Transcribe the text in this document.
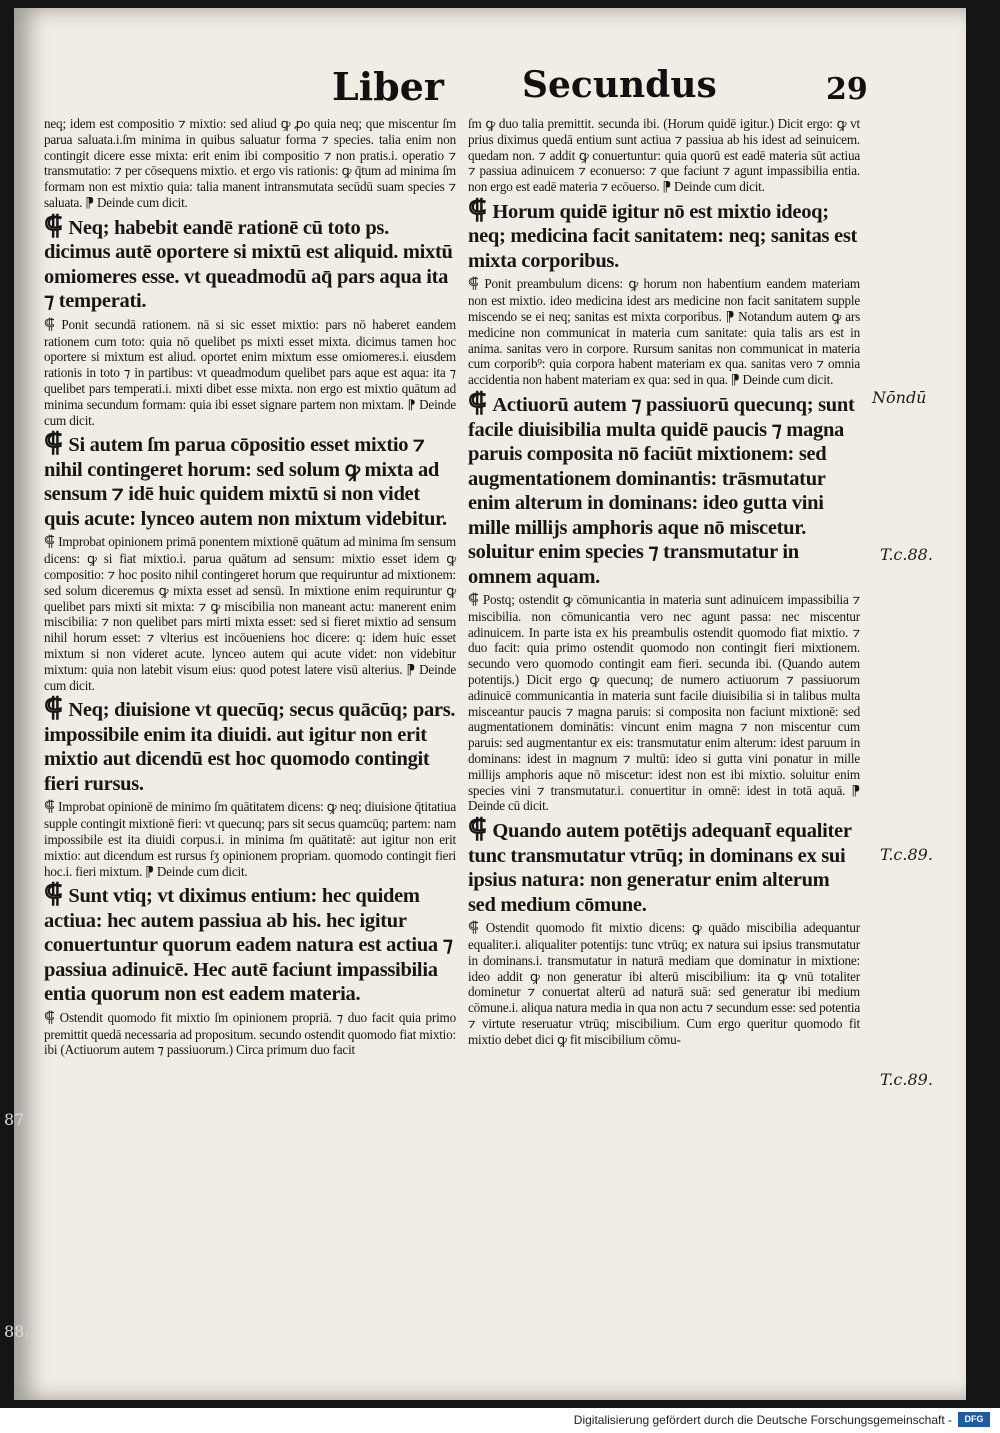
Liber Secundus	29

neq; idem est compositio ⁊ mixtio: sed aliud ꝙ ꝓo quia neq; que miscentur ſm parua saluata.i.ſm minima in quibus saluatur forma ⁊ species. talia enim non contingit dicere esse mixta: erit enim ibi compositio ⁊ non pratis.i. operatio ⁊ transmutatio: ⁊ per cōsequens mixtio. et ergo vis rationis: ꝙ q̄tum ad minima ſm formam non est mixtio quia: talia manent intransmutata secūdū suam species ⁊ saluata. ⁋ Deinde cum dicit.

⸿ Neq; habebit eandē rationē cū toto ps. dicimus autē oportere si mixtū est aliquid. mixtū omiomeres esse. vt queadmodū aq̄ pars aqua ita ⁊ temperati.

⸿ Ponit secundā rationem. nā si sic esset mixtio: pars nō haberet eandem rationem cum toto: quia nō quelibet ps mixti esset mixta. dicimus tamen hoc oportere si mixtum est aliud. oportet enim mixtum esse omiomeres.i. eiusdem rationis in toto ⁊ in partibus: vt queadmodum quelibet pars aque est aqua: ita ⁊ quelibet pars temperati.i. mixti dibet esse mixta. non ergo est mixtio quātum ad minima secundum formam: quia ibi esset signare partem non mixtam. ⁋ Deinde cum dicit.

⸿ Si autem ſm parua cōpositio esset mixtio ⁊ nihil contingeret horum: sed solum ꝙ mixta ad sensum ⁊ idē huic quidem mixtū si non videt quis acute: lynceo autem non mixtum videbitur.

⸿ Improbat opinionem primā ponentem mixtionē quātum ad minima ſm sensum dicens: ꝙ si fiat mixtio.i. parua quātum ad sensum: mixtio esset idem ꝙ compositio: ⁊ hoc posito nihil contingeret horum que requiruntur ad mixtionem: sed solum diceremus ꝙ mixta esset ad sensū. In mixtione enim requiruntur ꝙ quelibet pars mixti sit mixta: ⁊ ꝙ miscibilia non maneant actu: manerent enim miscibilia: ⁊ non quelibet pars mirti mixta esset: sed si fieret mixtio ad sensum nihil horum esset: ⁊ vlterius est incōueniens hoc dicere: q: idem huic esset mixtum si non videret acute. lynceo autem qui acute videt: non videbitur mixtum: quia non latebit visum eius: quod potest latere visū alterius. ⁋ Deinde cum dicit.

⸿ Neq; diuisione vt quecūq; secus quācūq; pars. impossibile enim ita diuidi. aut igitur non erit mixtio aut dicendū est hoc quomodo contingit fieri rursus.

⸿ Improbat opinionē de minimo ſm quātitatem dicens: ꝙ neq; diuisione q̄titatiua supple contingit mixtionē fieri: vt quecunq; pars sit secus quamcūq; partem: nam impossibile est ita diuidi corpus.i. in minima ſm quātitatē: aut igitur non erit mixtio: aut dicendum est rursus ſʒ opinionem propriam. quomodo contingit fieri hoc.i. fieri mixtum. ⁋ Deinde cum dicit.

⸿ Sunt vtiq; vt diximus entium: hec quidem actiua: hec autem passiua ab his. hec igitur conuertuntur quorum eadem natura est actiua ⁊ passiua adinuicē. Hec autē faciunt impassibilia entia quorum non est eadem materia.

⸿ Ostendit quomodo fit mixtio ſm opinionem propriā. ⁊ duo facit quia primo premittit quedā necessaria ad propositum. secundo ostendit quomodo fiat mixtio: ibi (Actiuorum autem ⁊ passiuorum.) Circa primum duo facit

ſm ꝙ duo talia premittit. secunda ibi. (Horum quidē igitur.) Dicit ergo: ꝙ vt prius diximus quedā entium sunt actiua ⁊ passiua ab his idest ad seinuicem. quedam non. ⁊ addit ꝙ conuertuntur: quia quorū est eadē materia sūt actiua ⁊ passiua adinuicem ⁊ econuerso: ⁊ que faciunt ⁊ agunt impassibilia entia. non ergo est eadē materia ⁊ ecōuerso. ⁋ Deinde cum dicit.

⸿ Horum quidē igitur nō est mixtio ideoq; neq; medicina facit sanitatem: neq; sanitas est mixta corporibus.

⸿ Ponit preambulum dicens: ꝙ horum non habentium eandem materiam non est mixtio. ideo medicina idest ars medicine non facit sanitatem supple miscendo se ei neq; sanitas est mixta corporibus. ⁋ Notandum autem ꝙ ars medicine non communicat in materia cum sanitate: quia talis ars est in anima. sanitas vero in corpore. Rursum sanitas non communicat in materia cum corporib⁹: quia corpora habent materiam ex qua. sanitas vero ⁊ omnia accidentia non habent materiam ex qua: sed in qua. ⁋ Deinde cum dicit.

⸿ Actiuorū autem ⁊ passiuorū quecunq; sunt facile diuisibilia multa quidē paucis ⁊ magna paruis composita nō faciūt mixtionem: sed augmentationem dominantis: trāsmutatur enim alterum in dominans: ideo gutta vini mille millijs amphoris aque nō miscetur. soluitur enim species ⁊ transmutatur in omnem aquam.

⸿ Postq; ostendit ꝙ cōmunicantia in materia sunt adinuicem impassibilia ⁊ miscibilia. non cōmunicantia vero nec agunt passa: nec miscentur adinuicem. In parte ista ex his preambulis ostendit quomodo fiat mixtio. ⁊ duo facit: quia primo ostendit quomodo non contingit fieri mixtionem. secundo vero quomodo contingit eam fieri. secunda ibi. (Quando autem potentijs.) Dicit ergo ꝙ quecunq; de numero actiuorum ⁊ passiuorum adinuicē communicantia in materia sunt facile diuisibilia si in talibus multa misceantur paucis ⁊ magna paruis: si composita non faciunt mixtionē: sed augmentationem dominātis: vincunt enim magna ⁊ non miscentur cum paruis: sed augmentantur ex eis: transmutatur enim alterum: idest paruum in dominans: idest in magnum ⁊ multū: ideo si gutta vini ponatur in mille millijs amphoris aque nō miscetur: idest non est ibi mixtio. soluitur enim species vini ⁊ transmutatur.i. conuertitur in omnē: idest in totā aquā. ⁋ Deinde cū dicit.

⸿ Quando autem potētijs adequant̄ equaliter tunc transmutatur vtrūq; in dominans ex sui ipsius natura: non generatur enim alterum sed medium cōmune.

⸿ Ostendit quomodo fit mixtio dicens: ꝙ quādo miscibilia adequantur equaliter.i. aliqualiter potentijs: tunc vtrūq; ex natura sui ipsius transmutatur in dominans.i. transmutatur in naturā mediam que dominatur in mixtione: ideo addit ꝙ non generatur ibi alterū miscibilium: ita ꝙ vnū totaliter dominetur ⁊ conuertat alterū ad naturā suā: sed generatur ibi medium cōmune.i. aliqua natura media in qua non actu ⁊ secundum esse: sed potentia ⁊ virtute reseruatur vtrūq; miscibilium. Cum ergo queritur quomodo fit mixtio debet dici ꝙ fit miscibilium cōmu-

Nōndū
T.c.88.
T.c.89.
T.c.89.
87
88.
Digitalisierung gefördert durch die Deutsche Forschungsgemeinschaft -	DFG
